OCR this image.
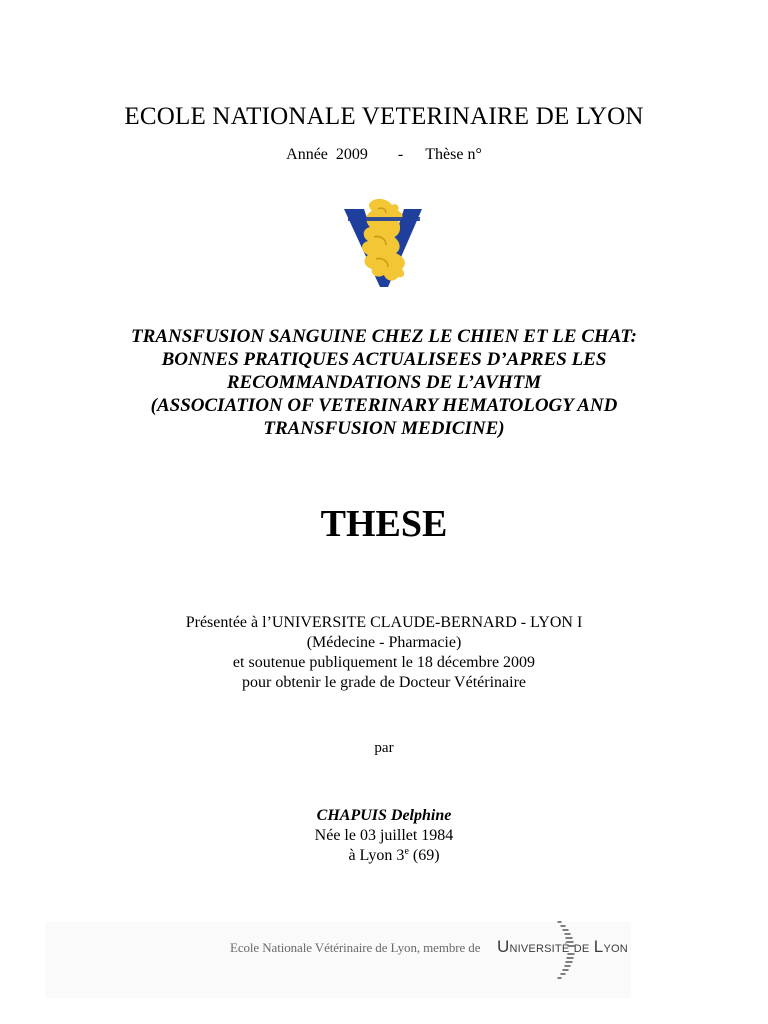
ECOLE NATIONALE VETERINAIRE DE LYON
Année 2009 - Thèse n°
TRANSFUSION SANGUINE CHEZ LE CHIEN ET LE CHAT:
BONNES PRATIQUES ACTUALISEES D’APRES LES
RECOMMANDATIONS DE L’AVHTM
(ASSOCIATION OF VETERINARY HEMATOLOGY AND
TRANSFUSION MEDICINE)
THESE
Présentée à l’UNIVERSITE CLAUDE-BERNARD - LYON I
(Médecine - Pharmacie)
et soutenue publiquement le 18 décembre 2009
pour obtenir le grade de Docteur Vétérinaire
par
CHAPUIS Delphine
Née le 03 juillet 1984
à Lyon 3e (69)
Ecole Nationale Vétérinaire de Lyon, membre de UNIVERSITÉ DE LYON
